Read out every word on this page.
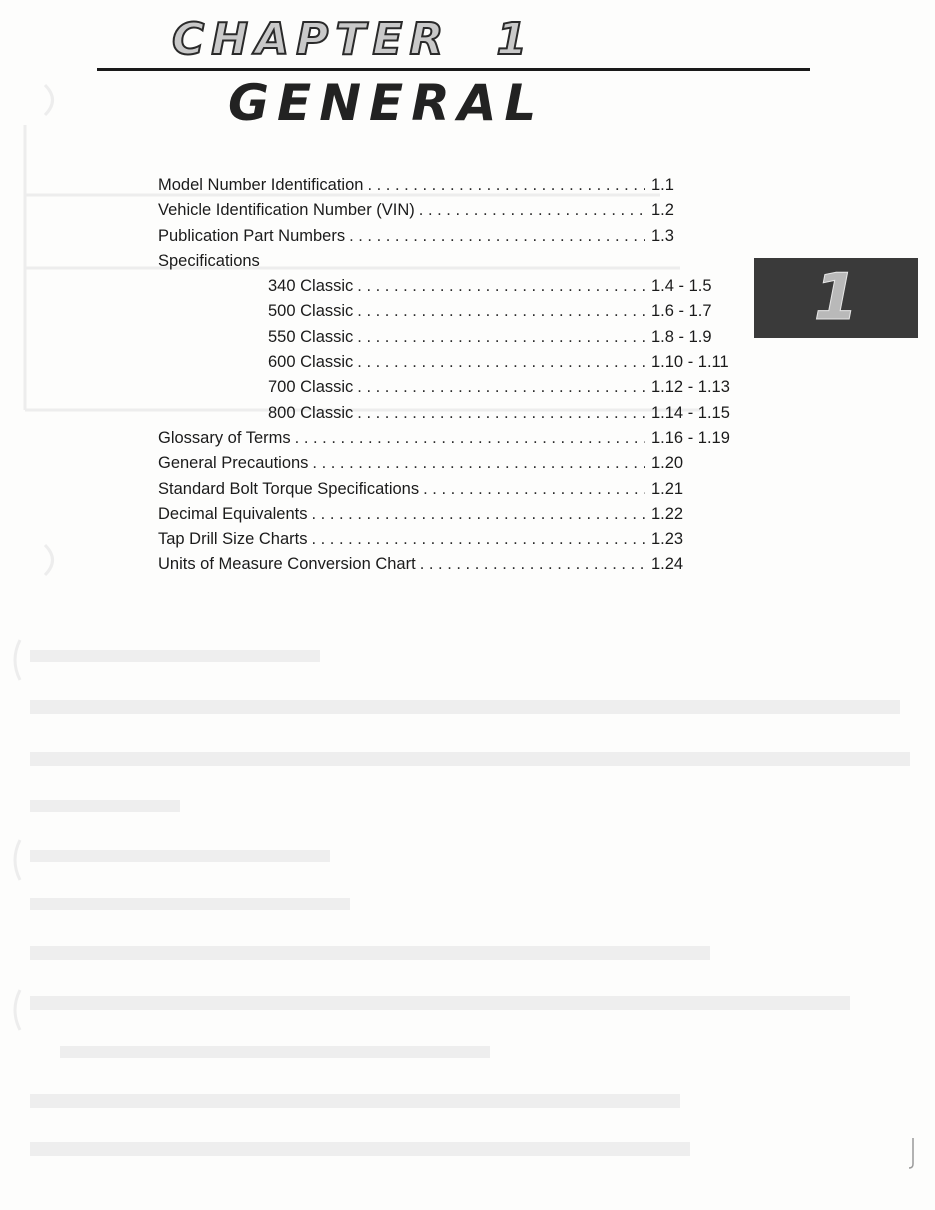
CHAPTER 1
GENERAL
Model Number Identification . . .	1.1
Vehicle Identification Number (VIN) . . .	1.2
Publication Part Numbers . . .	1.3
Specifications
340 Classic . . .	1.4 - 1.5
500 Classic . . .	1.6 - 1.7
550 Classic . . .	1.8 - 1.9
600 Classic . . .	1.10 - 1.11
700 Classic . . .	1.12 - 1.13
800 Classic . . .	1.14 - 1.15
Glossary of Terms . . .	1.16 - 1.19
General Precautions . . .	1.20
Standard Bolt Torque Specifications . . .	1.21
Decimal Equivalents . . .	1.22
Tap Drill Size Charts . . .	1.23
Units of Measure Conversion Chart . . .	1.24
1
